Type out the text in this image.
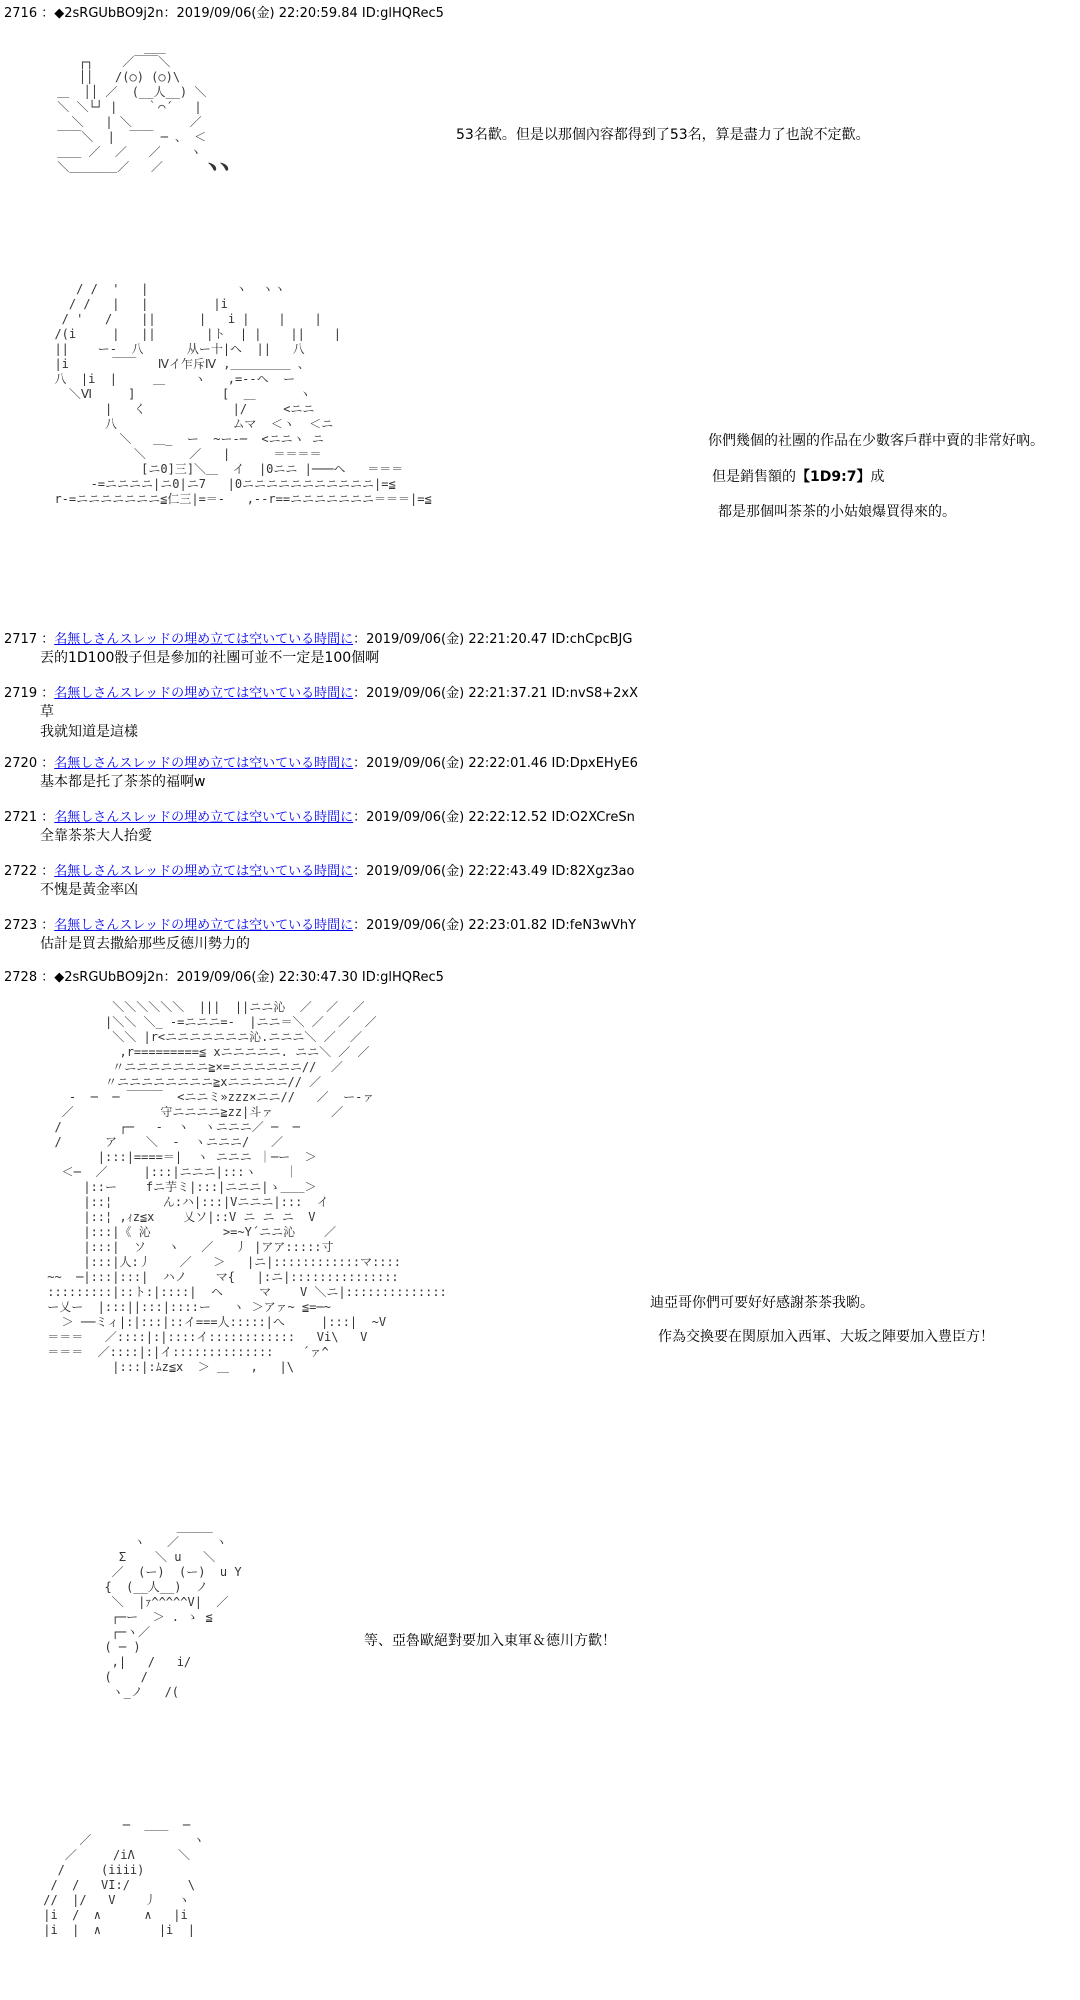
2716 ：◆2sRGUbBO9j2n：2019/09/06(金) 22:20:59.84 ID:glHQRec5
___
┌┐    ／￣￣＼
││   /(○) (○)\
＿  ││ ／  (__人__) ＼
＼ ＼└┘ |    ｀⌒´   |
＼   | ＼        ／
￣￣＼  |  ￣￣ ─ 、 ＜
＿＿ ／  ／   ／    ヽ
＼＿＿＿＿／   ／      ﹅﹅
53名歡。但是以那個內容都得到了53名，算是盡力了也說不定歡。
/ /  '   |            ヽ  ヽヽ
/ /   |   |         |i
/ '   /    ||      |   i |    |    |
/(i     |   ||       |ト  | |    ||    |
||    ー-  八      从ー十|ヘ  ||   八
|i      ￣￣   Ⅳイ乍斥Ⅳ ,＿＿＿＿＿ 、
八  |i  |     ＿    ヽ   ,=--ヘ  ー
＼Ⅵ     ]            [  ＿      ヽ
|   く            |/     <ニニ
八                ムマ  ＜ヽ  ＜ニ
＼   ＿_  ー  ~ー-─  <ニニヽ ニ
＼      ／   |      ＝＝＝＝
[ニ0]三]＼＿  イ  |0ニニ |───ヘ   ＝＝＝
-=ニニニニ|ニ0|ニ7   |0ニニニニニニニニニニニ|=≦
r-=ニニニニニニニ≦仁三|=＝-   ,--r==ニニニニニニニ＝＝＝|=≦
你們幾個的社團的作品在少數客戶群中賣的非常好吶。
但是銷售額的【1D9:7】成
都是那個叫茶茶的小姑娘爆買得來的。
2717 ：名無しさんスレッドの埋め立ては空いている時間に：2019/09/06(金) 22:21:20.47 ID:chCpcBJG
丟的1D100骰子但是參加的社團可並不一定是100個啊
2719 ：名無しさんスレッドの埋め立ては空いている時間に：2019/09/06(金) 22:21:37.21 ID:nvS8+2xX
草
我就知道是這樣
2720 ：名無しさんスレッドの埋め立ては空いている時間に：2019/09/06(金) 22:22:01.46 ID:DpxEHyE6
基本都是托了茶茶的福啊w
2721 ：名無しさんスレッドの埋め立ては空いている時間に：2019/09/06(金) 22:22:12.52 ID:O2XCreSn
全靠茶茶大人抬愛
2722 ：名無しさんスレッドの埋め立ては空いている時間に：2019/09/06(金) 22:22:43.49 ID:82Xgz3ao
不愧是黃金率凶
2723 ：名無しさんスレッドの埋め立ては空いている時間に：2019/09/06(金) 22:23:01.82 ID:feN3wVhY
估計是買去撒給那些反德川勢力的
2728 ：◆2sRGUbBO9j2n：2019/09/06(金) 22:30:47.30 ID:glHQRec5
＼＼＼＼＼＼  |||  ||ニニ沁  ／  ／  ／
|＼＼ ＼_ -=ニニニ=-  |ニニ＝＼ ／  ／  ／
＼＼ |r<ニニニニニニニ沁.ニニニ＼ ／  ／
,r=========≦ xニニニニニ. ニニ＼ ／ ／
〃ニニニニニニニ≧×=ニニニニニニ//  ／
〃ニニニニニニニニ≧xニニニニニ// ／
-  ─  ─ ￣￣￣  <ニニミ»zzz×ニニ//   ／  ー-ァ
／            守ニニニニ≧zz|斗ァ        ／
/        ┌─   ‐  ヽ  ヽニニニ／ ─  ─
/      ア    ＼  ‐  ヽニニニ/   ／
|:::|====＝|  ヽ ニニニ ｜─ー  ＞
＜─  ／     |:::|ニニニ|:::ヽ    ｜
|::ー    fニ芋ミ|:::|ニニニ|ゝ＿＿＞
|::¦       ん:ハ|:::|Vニニニ|:::  イ
|::¦ ,ｨz≦x    乂ソ|::V ニ ニ ニ  V
|:::|《 沁          >=~Y´ニニ沁    ／
|:::|  ソ   ヽ   ／   丿 |アア:::::寸
|:::|人:丿    ／   ＞   |ニ|::::::::::::マ::::
~~  ─|:::|:::|  ハノ    マ{   |:ニ|:::::::::::::::
:::::::::|::ト:|::::|  ヘ     マ    V ＼ニ|::::::::::::::
ー乂ー  |:::||:::|::::ー   ヽ ＞アァ~ ≦=─~
＞ ──ミィ|:|:::|::イ===人:::::|へ     |:::|  ~V
＝＝＝   ／::::|:|::::イ::::::::::::   Vi\   V
＝＝＝  ／::::|:|イ::::::::::::::    ´ァ^
|:::|:ﾑz≦x  ＞ ＿   ,   |\
迪亞哥你們可要好好感謝茶茶我喲。
作為交換要在関原加入西軍、大坂之陣要加入豊臣方！
＿＿＿
ヽ   ／     ヽ
Σ    ＼ u   ＼
／  (ー)  (ー)  u Y
{  (__人__)  ノ
＼  |ｧ^^^^^V|  ／
┌─ー  ＞ . ゝ ≦
┌─ヽ／
( ─ )
,|   /   i/
(    /
ヽ_ノ   /(
等、亞魯歐絕對要加入東軍＆德川方歡！
─  ＿＿  ─
／              ヽ
／     /iΛ      ＼
/     (iiii)
/  /   VI:/        \
//  |/   V    丿   ヽ
|i  /  ∧      ∧   |i
|i  |  ∧        |i  |
